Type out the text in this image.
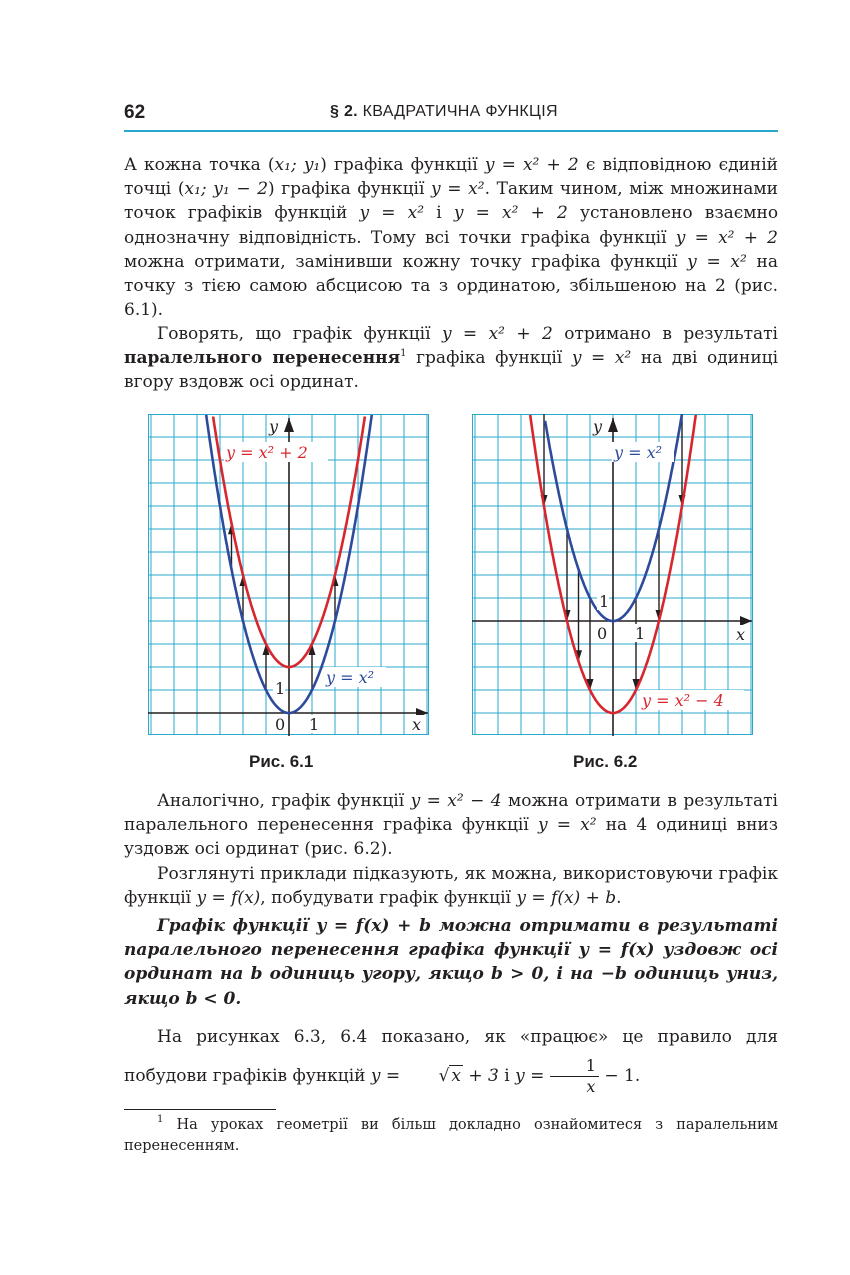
62	§ 2. КВАДРАТИЧНА ФУНКЦІЯ

А кожна точка (x₁; y₁) графіка функції y = x² + 2 є відповідною єдиній точці (x₁; y₁ − 2) графіка функції y = x². Таким чином, між множинами точок графіків функцій y = x² і y = x² + 2 установлено взаємно однозначну відповідність. Тому всі точки графіка функції y = x² + 2 можна отримати, замінивши кожну точку графіка функції y = x² на точку з тією самою абсцисою та з ординатою, збільшеною на 2 (рис. 6.1).

Говорять, що графік функції y = x² + 2 отримано в результаті паралельного перенесення$^1$ графіка функції y = x² на дві одиниці вгору вздовж осі ординат.

y = x² + 2
y = x²
y
x
0 1
1
Рис. 6.1
y = x²
y = x² − 4
y
x
0 1
1
Рис. 6.2

Аналогічно, графік функції y = x² − 4 можна отримати в результаті паралельного перенесення графіка функції y = x² на 4 одиниці вниз уздовж осі ординат (рис. 6.2).

Розглянуті приклади підказують, як можна, використовуючи графік функції y = f(x), побудувати графік функції y = f(x) + b.

Графік функції y = f(x) + b можна отримати в результаті паралельного перенесення графіка функції y = f(x) уздовж осі ординат на b одиниць угору, якщо b > 0, і на −b одиниць униз, якщо b < 0.

На рисунках 6.3, 6.4 показано, як «працює» це правило для побудови графіків функцій y = √ x + 3 і $y = \frac{1}{x} - 1$.

$^1$ На уроках геометрії ви більш докладно ознайомитеся з паралельним перенесенням.
